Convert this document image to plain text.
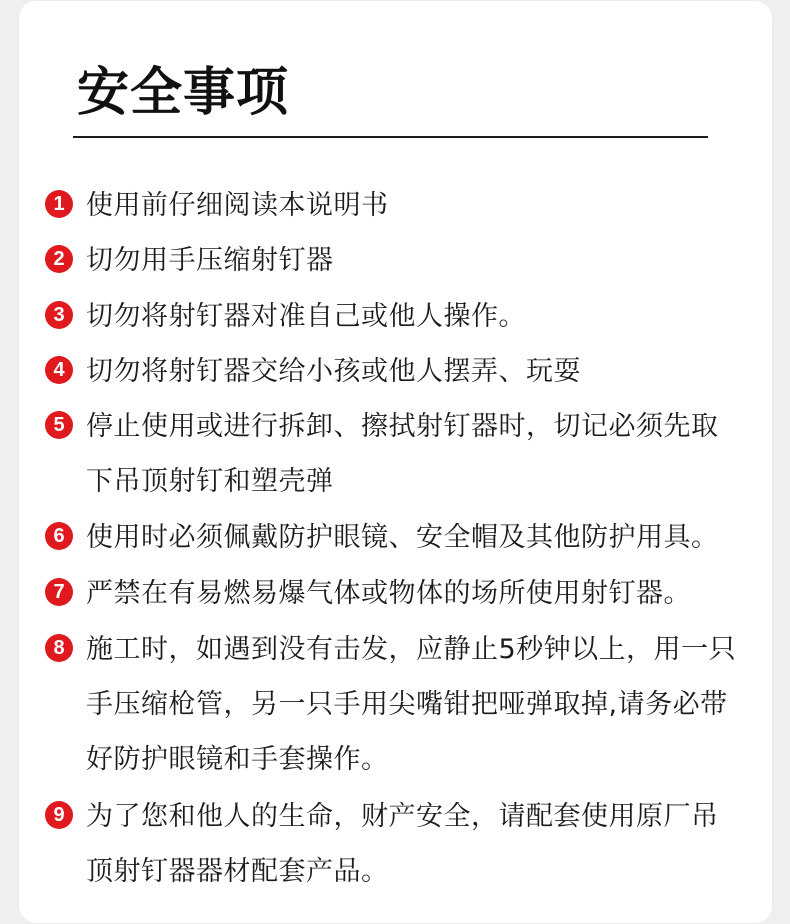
安全事项
1 使用前仔细阅读本说明书
2 切勿用手压缩射钉器
3 切勿将射钉器对准自己或他人操作。
4 切勿将射钉器交给小孩或他人摆弄、玩耍
5 停止使用或进行拆卸、擦拭射钉器时，切记必须先取
下吊顶射钉和塑壳弹
6 使用时必须佩戴防护眼镜、安全帽及其他防护用具。
7 严禁在有易燃易爆气体或物体的场所使用射钉器。
8 施工时，如遇到没有击发，应静止5秒钟以上，用一只
手压缩枪管，另一只手用尖嘴钳把哑弹取掉,请务必带
好防护眼镜和手套操作。
9 为了您和他人的生命，财产安全，请配套使用原厂吊
顶射钉器器材配套产品。
